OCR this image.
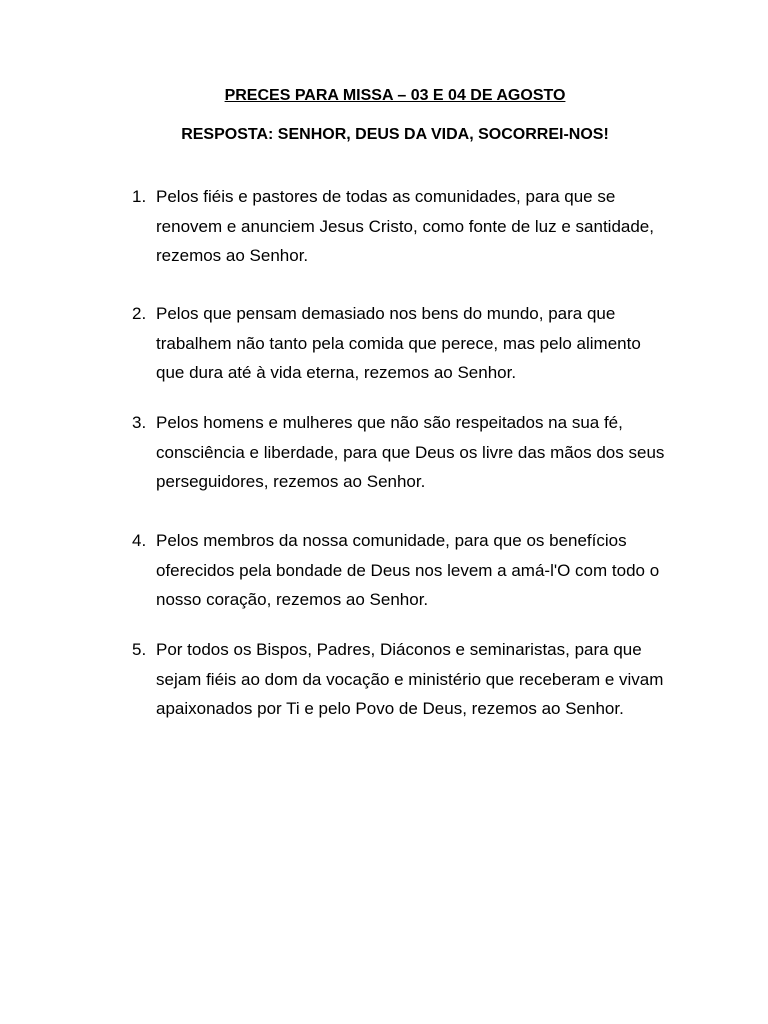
PRECES PARA MISSA – 03 E 04 DE AGOSTO
RESPOSTA: SENHOR, DEUS DA VIDA, SOCORREI-NOS!
1. Pelos fiéis e pastores de todas as comunidades, para que se renovem e anunciem Jesus Cristo, como fonte de luz e santidade, rezemos ao Senhor.
2. Pelos que pensam demasiado nos bens do mundo, para que trabalhem não tanto pela comida que perece, mas pelo alimento que dura até à vida eterna, rezemos ao Senhor.
3. Pelos homens e mulheres que não são respeitados na sua fé, consciência e liberdade, para que Deus os livre das mãos dos seus perseguidores, rezemos ao Senhor.
4. Pelos membros da nossa comunidade, para que os benefícios oferecidos pela bondade de Deus nos levem a amá-l'O com todo o nosso coração, rezemos ao Senhor.
5. Por todos os Bispos, Padres, Diáconos e seminaristas, para que sejam fiéis ao dom da vocação e ministério que receberam e vivam apaixonados por Ti e pelo Povo de Deus, rezemos ao Senhor.
